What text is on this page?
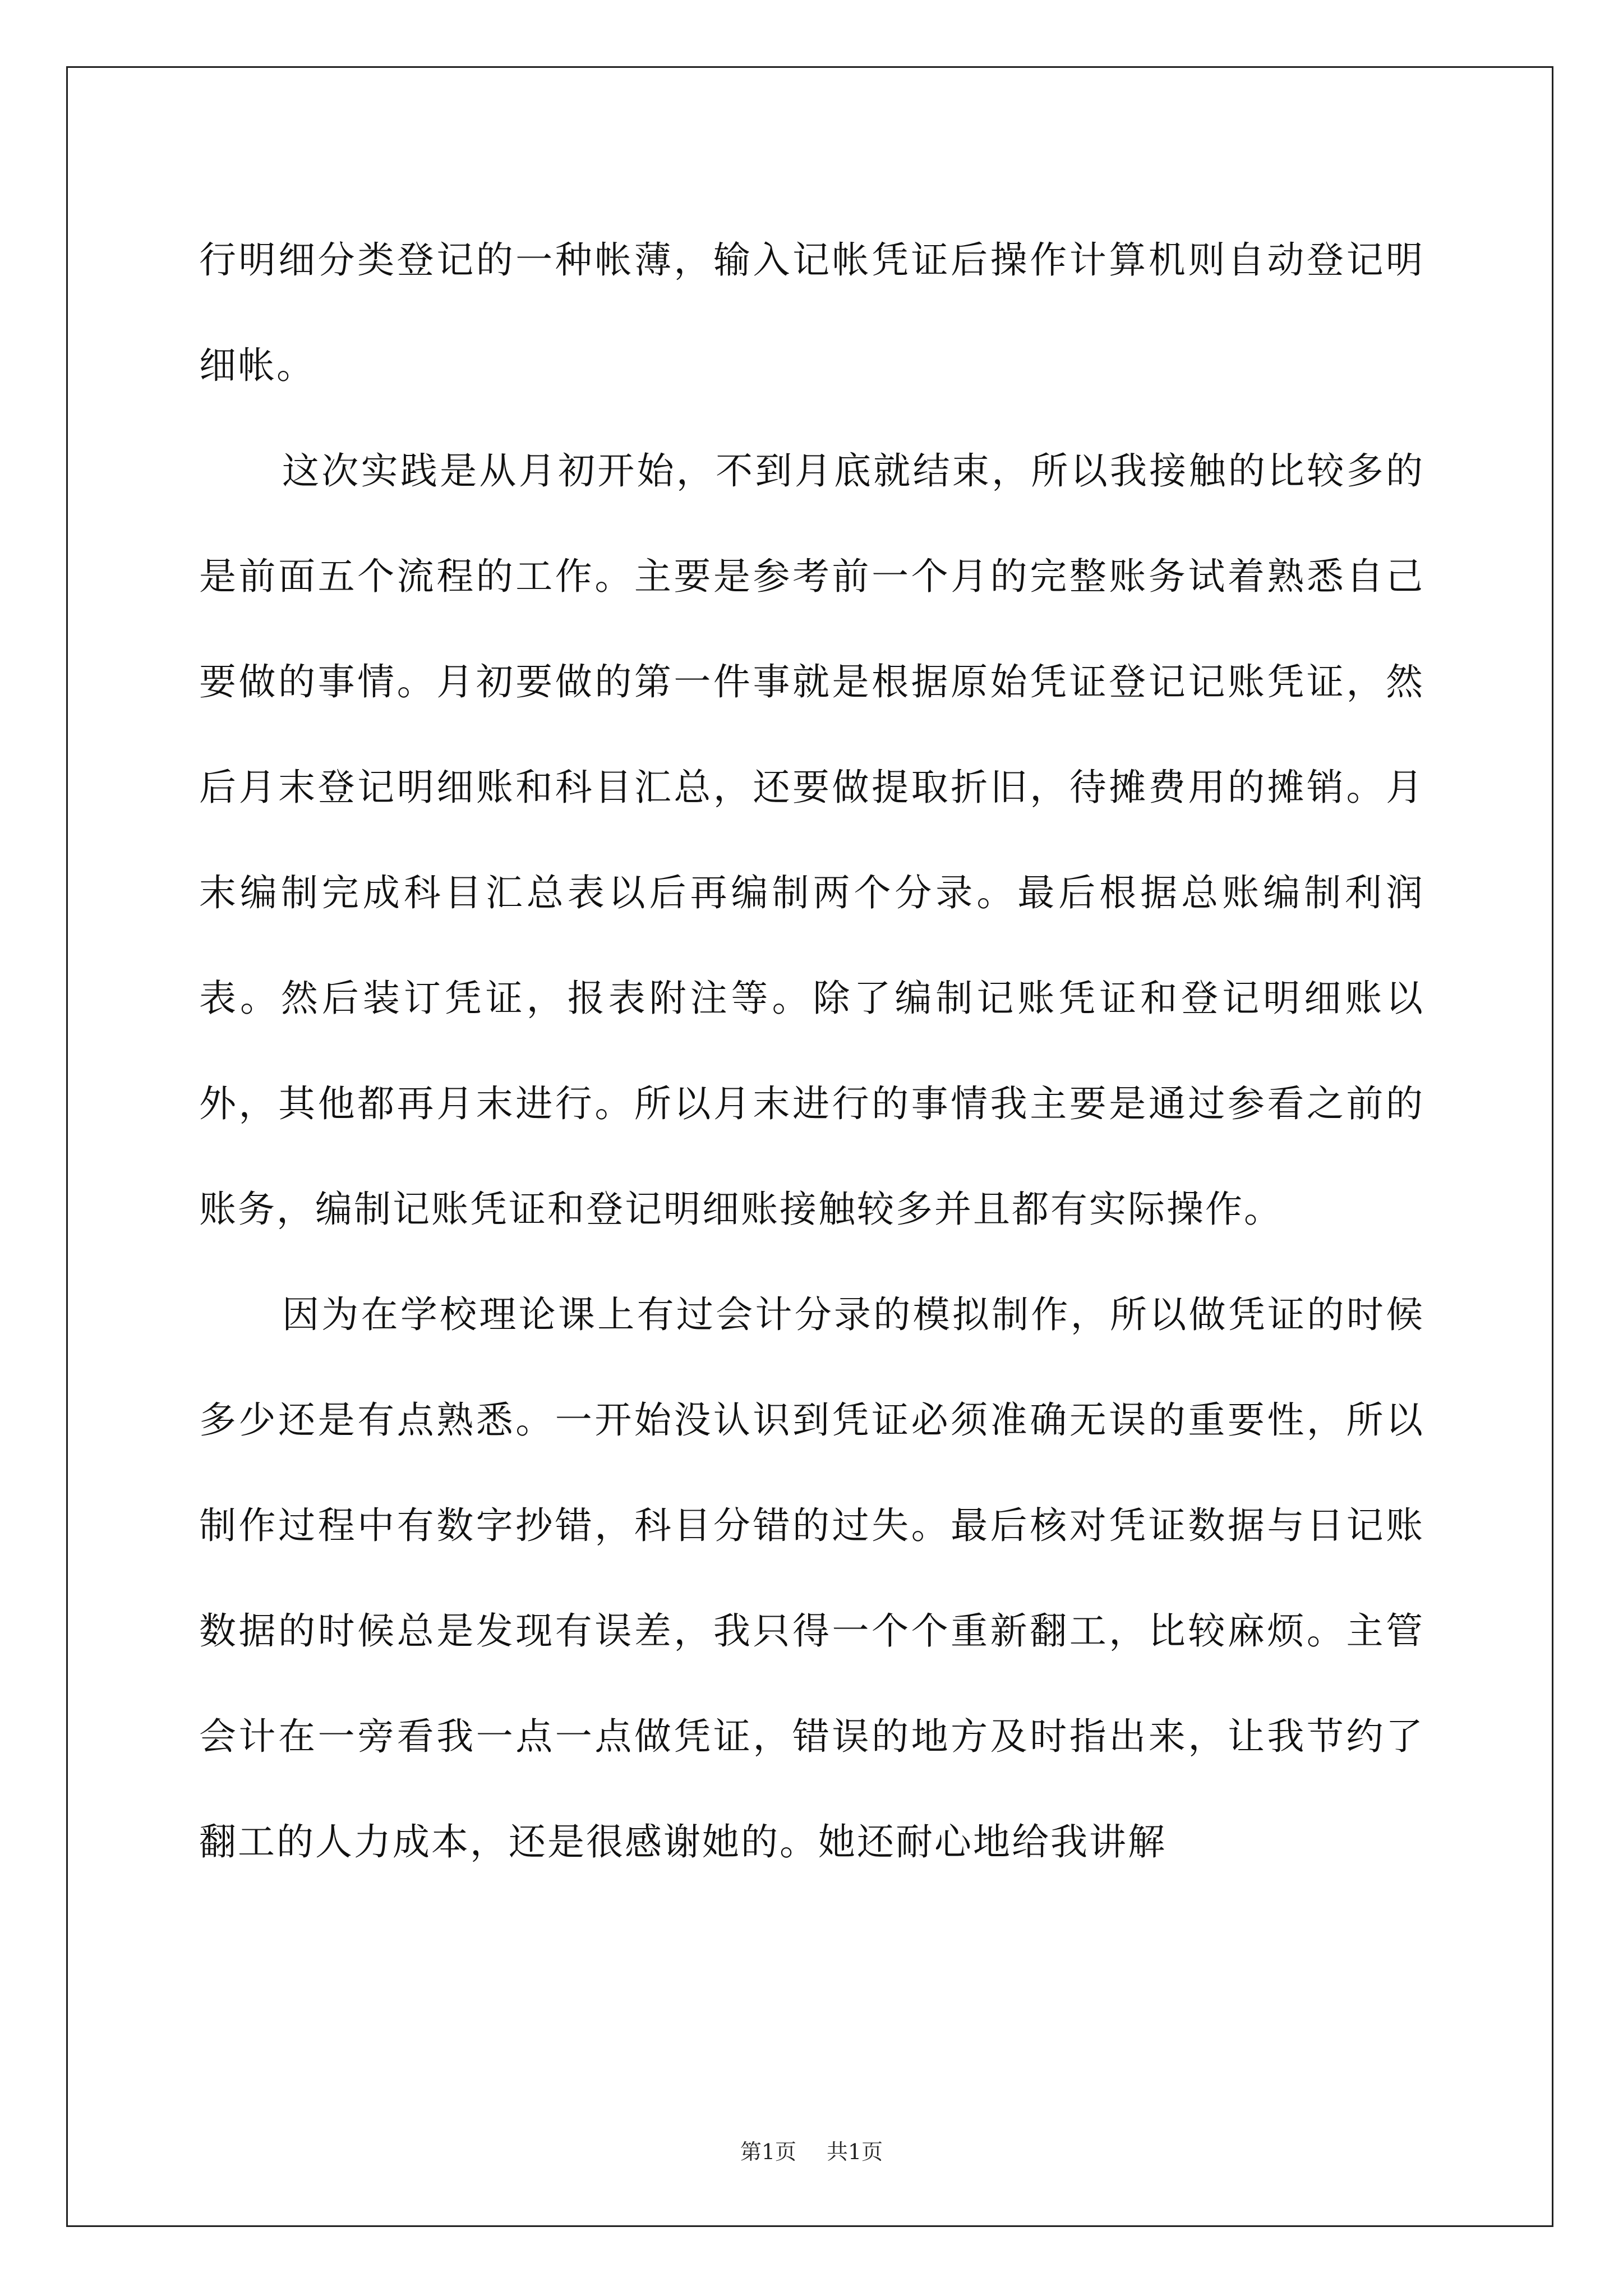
行明细分类登记的一种帐薄，输入记帐凭证后操作计算机则自动登记明细帐。

这次实践是从月初开始，不到月底就结束，所以我接触的比较多的是前面五个流程的工作。主要是参考前一个月的完整账务试着熟悉自己要做的事情。月初要做的第一件事就是根据原始凭证登记记账凭证，然后月末登记明细账和科目汇总，还要做提取折旧，待摊费用的摊销。月末编制完成科目汇总表以后再编制两个分录。最后根据总账编制利润表。然后装订凭证，报表附注等。除了编制记账凭证和登记明细账以外，其他都再月末进行。所以月末进行的事情我主要是通过参看之前的账务，编制记账凭证和登记明细账接触较多并且都有实际操作。

因为在学校理论课上有过会计分录的模拟制作，所以做凭证的时候多少还是有点熟悉。一开始没认识到凭证必须准确无误的重要性，所以制作过程中有数字抄错，科目分错的过失。最后核对凭证数据与日记账数据的时候总是发现有误差，我只得一个个重新翻工，比较麻烦。主管会计在一旁看我一点一点做凭证，错误的地方及时指出来，让我节约了翻工的人力成本，还是很感谢她的。她还耐心地给我讲解

第1页 共1页
